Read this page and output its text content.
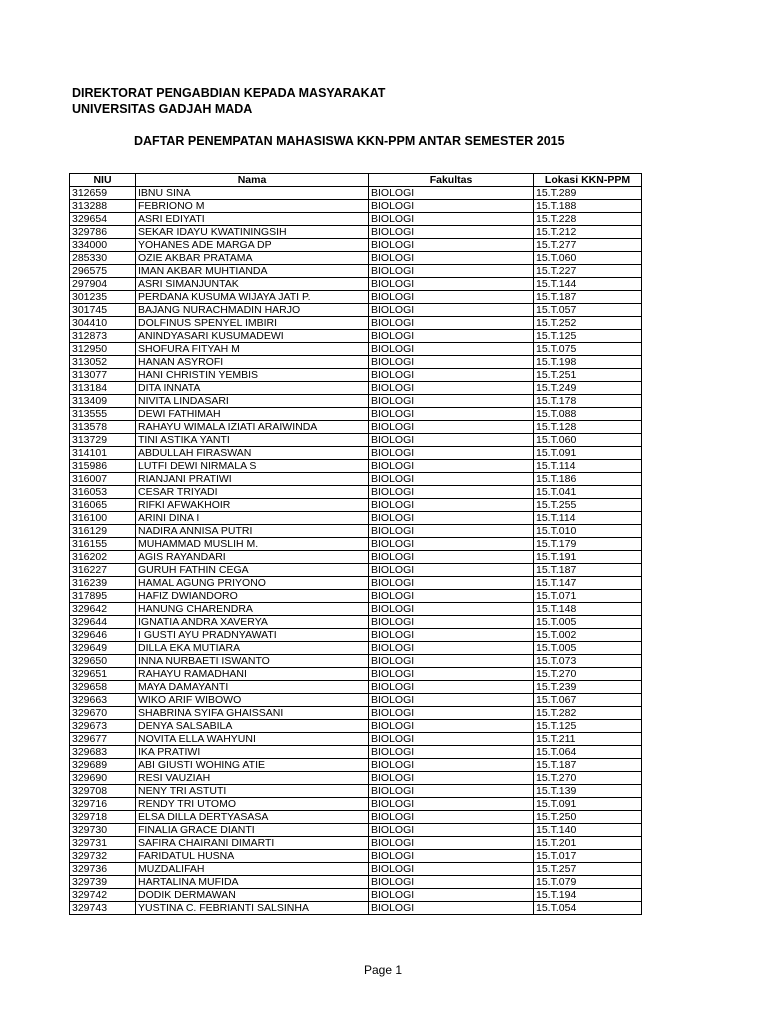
DIREKTORAT PENGABDIAN KEPADA MASYARAKAT
UNIVERSITAS GADJAH MADA
DAFTAR PENEMPATAN MAHASISWA KKN-PPM ANTAR SEMESTER 2015
NIU	Nama	Fakultas	Lokasi KKN-PPM
312659	IBNU SINA	BIOLOGI	15.T.289
313288	FEBRIONO M	BIOLOGI	15.T.188
329654	ASRI EDIYATI	BIOLOGI	15.T.228
329786	SEKAR IDAYU KWATININGSIH	BIOLOGI	15.T.212
334000	YOHANES ADE MARGA DP	BIOLOGI	15.T.277
285330	OZIE AKBAR PRATAMA	BIOLOGI	15.T.060
296575	IMAN AKBAR MUHTIANDA	BIOLOGI	15.T.227
297904	ASRI SIMANJUNTAK	BIOLOGI	15.T.144
301235	PERDANA KUSUMA WIJAYA JATI P.	BIOLOGI	15.T.187
301745	BAJANG NURACHMADIN HARJO	BIOLOGI	15.T.057
304410	DOLFINUS SPENYEL IMBIRI	BIOLOGI	15.T.252
312873	ANINDYASARI KUSUMADEWI	BIOLOGI	15.T.125
312950	SHOFURA FITYAH M	BIOLOGI	15.T.075
313052	HANAN ASYROFI	BIOLOGI	15.T.198
313077	HANI CHRISTIN YEMBIS	BIOLOGI	15.T.251
313184	DITA INNATA	BIOLOGI	15.T.249
313409	NIVITA LINDASARI	BIOLOGI	15.T.178
313555	DEWI FATHIMAH	BIOLOGI	15.T.088
313578	RAHAYU WIMALA IZIATI ARAIWINDA	BIOLOGI	15.T.128
313729	TINI ASTIKA YANTI	BIOLOGI	15.T.060
314101	ABDULLAH FIRASWAN	BIOLOGI	15.T.091
315986	LUTFI DEWI NIRMALA S	BIOLOGI	15.T.114
316007	RIANJANI PRATIWI	BIOLOGI	15.T.186
316053	CESAR TRIYADI	BIOLOGI	15.T.041
316065	RIFKI AFWAKHOIR	BIOLOGI	15.T.255
316100	ARINI DINA I	BIOLOGI	15.T.114
316129	NADIRA ANNISA PUTRI	BIOLOGI	15.T.010
316155	MUHAMMAD MUSLIH M.	BIOLOGI	15.T.179
316202	AGIS RAYANDARI	BIOLOGI	15.T.191
316227	GURUH FATHIN CEGA	BIOLOGI	15.T.187
316239	HAMAL AGUNG PRIYONO	BIOLOGI	15.T.147
317895	HAFIZ DWIANDORO	BIOLOGI	15.T.071
329642	HANUNG CHARENDRA	BIOLOGI	15.T.148
329644	IGNATIA ANDRA XAVERYA	BIOLOGI	15.T.005
329646	I GUSTI AYU PRADNYAWATI	BIOLOGI	15.T.002
329649	DILLA EKA MUTIARA	BIOLOGI	15.T.005
329650	INNA NURBAETI ISWANTO	BIOLOGI	15.T.073
329651	RAHAYU RAMADHANI	BIOLOGI	15.T.270
329658	MAYA DAMAYANTI	BIOLOGI	15.T.239
329663	WIKO ARIF WIBOWO	BIOLOGI	15.T.067
329670	SHABRINA SYIFA GHAISSANI	BIOLOGI	15.T.282
329673	DENYA SALSABILA	BIOLOGI	15.T.125
329677	NOVITA ELLA WAHYUNI	BIOLOGI	15.T.211
329683	IKA PRATIWI	BIOLOGI	15.T.064
329689	ABI GIUSTI WOHING ATIE	BIOLOGI	15.T.187
329690	RESI VAUZIAH	BIOLOGI	15.T.270
329708	NENY TRI ASTUTI	BIOLOGI	15.T.139
329716	RENDY TRI UTOMO	BIOLOGI	15.T.091
329718	ELSA DILLA DERTYASASA	BIOLOGI	15.T.250
329730	FINALIA GRACE DIANTI	BIOLOGI	15.T.140
329731	SAFIRA CHAIRANI DIMARTI	BIOLOGI	15.T.201
329732	FARIDATUL HUSNA	BIOLOGI	15.T.017
329736	MUZDALIFAH	BIOLOGI	15.T.257
329739	HARTALINA MUFIDA	BIOLOGI	15.T.079
329742	DODIK DERMAWAN	BIOLOGI	15.T.194
329743	YUSTINA C. FEBRIANTI SALSINHA	BIOLOGI	15.T.054
Page 1
